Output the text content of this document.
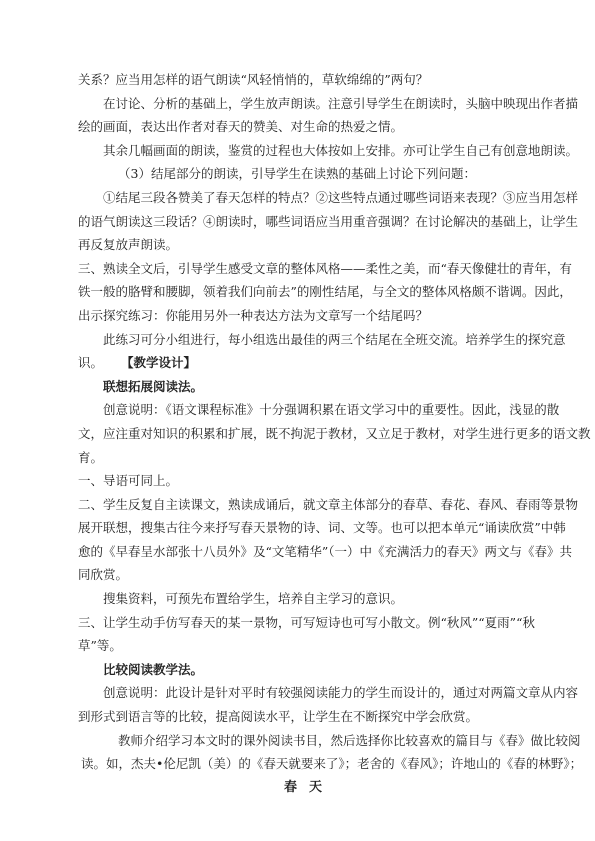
关系？应当用怎样的语气朗读“风轻悄悄的，草软绵绵的”两句？
在讨论、分析的基础上，学生放声朗读。注意引导学生在朗读时，头脑中映现出作者描
绘的画面，表达出作者对春天的赞美、对生命的热爱之情。
其余几幅画面的朗读，鉴赏的过程也大体按如上安排。亦可让学生自己有创意地朗读。
（3）结尾部分的朗读，引导学生在读熟的基础上讨论下列问题：
①结尾三段各赞美了春天怎样的特点？②这些特点通过哪些词语来表现？③应当用怎样
的语气朗读这三段话？④朗读时，哪些词语应当用重音强调？在讨论解决的基础上，让学生
再反复放声朗读。
三、熟读全文后，引导学生感受文章的整体风格——柔性之美，而“春天像健壮的青年，有
铁一般的胳臂和腰脚，领着我们向前去”的刚性结尾，与全文的整体风格颇不谐调。因此，
出示探究练习：你能用另外一种表达方法为文章写一个结尾吗？
此练习可分小组进行，每小组选出最佳的两三个结尾在全班交流。培养学生的探究意
识。 【教学设计】
联想拓展阅读法。
创意说明：《语文课程标准》十分强调积累在语文学习中的重要性。因此，浅显的散
文，应注重对知识的积累和扩展，既不拘泥于教材，又立足于教材，对学生进行更多的语文教
育。
一、导语可同上。
二、学生反复自主读课文，熟读成诵后，就文章主体部分的春草、春花、春风、春雨等景物
展开联想，搜集古往今来抒写春天景物的诗、词、文等。也可以把本单元“诵读欣赏”中韩
愈的《早春呈水部张十八员外》及“文笔精华”（一）中《充满活力的春天》两文与《春》共
同欣赏。
搜集资料，可预先布置给学生，培养自主学习的意识。
三、让学生动手仿写春天的某一景物，可写短诗也可写小散文。例“秋风”“夏雨”“秋
草”等。
比较阅读教学法。
创意说明：此设计是针对平时有较强阅读能力的学生而设计的，通过对两篇文章从内容
到形式到语言等的比较，提高阅读水平，让学生在不断探究中学会欣赏。
教师介绍学习本文时的课外阅读书目，然后选择你比较喜欢的篇目与《春》做比较阅
读。如，杰夫•伦尼凯（美）的《春天就要来了》；老舍的《春风》；许地山的《春的林野》；
春天
